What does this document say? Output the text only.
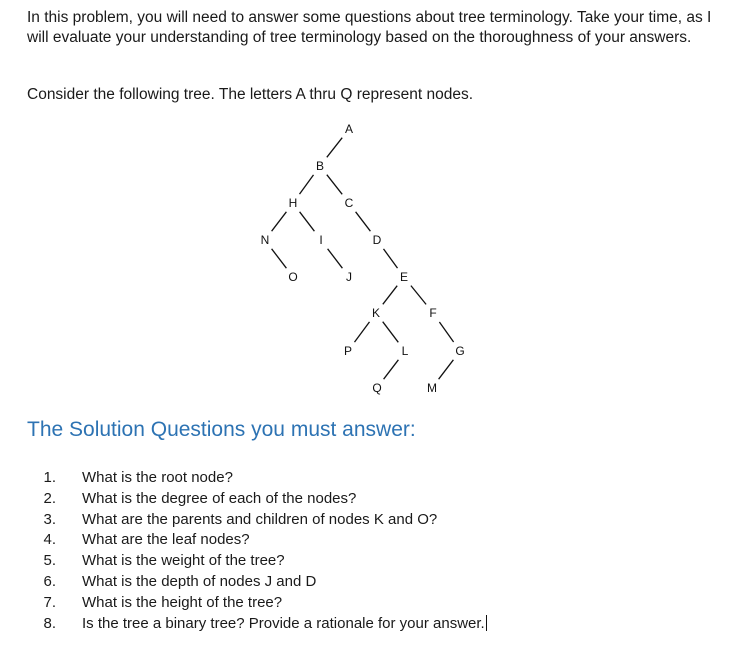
In this problem, you will need to answer some questions about tree terminology. Take your time, as I will evaluate your understanding of tree terminology based on the thoroughness of your answers.

Consider the following tree. The letters A thru Q represent nodes.

A
B
C
D
E
F
G
H
I
J
K
L
M
N
O
P
Q
The Solution Questions you must answer:
1. What is the root node?
2. What is the degree of each of the nodes?
3. What are the parents and children of nodes K and O?
4. What are the leaf nodes?
5. What is the weight of the tree?
6. What is the depth of nodes J and D
7. What is the height of the tree?
8. Is the tree a binary tree? Provide a rationale for your answer.
